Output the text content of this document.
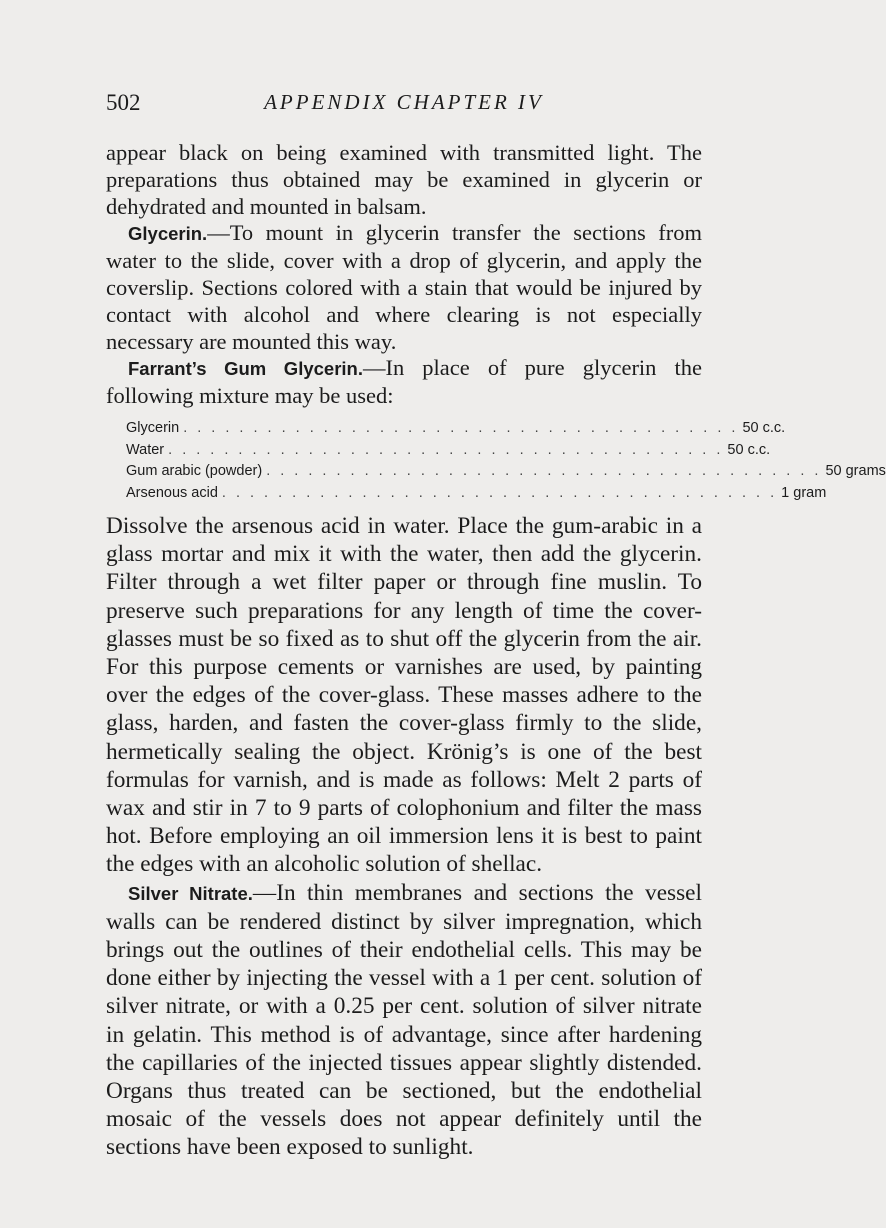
502	APPENDIX CHAPTER IV

appear black on being examined with transmitted light. The preparations thus obtained may be examined in glycerin or dehydrated and mounted in balsam.

Glycerin.—To mount in glycerin transfer the sections from water to the slide, cover with a drop of glycerin, and apply the coverslip. Sections colored with a stain that would be injured by contact with alcohol and where clearing is not especially necessary are mounted this way.

Farrant’s Gum Glycerin.—In place of pure glycerin the following mixture may be used:

Glycerin . . . . . . . . . . . . . . . . . . . . . . . . . . . . . . . . . . . . . . . . 50 c.c.
Water . . . . . . . . . . . . . . . . . . . . . . . . . . . . . . . . . . . . . . . . 50 c.c.
Gum arabic (powder) . . . . . . . . . . . . . . . . . . . . . . . . . . . . . . . . . . . . . . . . 50 grams
Arsenous acid . . . . . . . . . . . . . . . . . . . . . . . . . . . . . . . . . . . . . . . . 1 gram

Dissolve the arsenous acid in water. Place the gum-arabic in a glass mortar and mix it with the water, then add the glycerin. Filter through a wet filter paper or through fine muslin. To preserve such preparations for any length of time the cover-glasses must be so fixed as to shut off the glycerin from the air. For this purpose cements or varnishes are used, by painting over the edges of the cover-glass. These masses adhere to the glass, harden, and fasten the cover-glass firmly to the slide, hermetically sealing the object. Krönig’s is one of the best formulas for varnish, and is made as follows: Melt 2 parts of wax and stir in 7 to 9 parts of colophonium and filter the mass hot. Before employing an oil immersion lens it is best to paint the edges with an alcoholic solution of shellac.

Silver Nitrate.—In thin membranes and sections the vessel walls can be rendered distinct by silver impregnation, which brings out the outlines of their endothelial cells. This may be done either by injecting the vessel with a 1 per cent. solution of silver nitrate, or with a 0.25 per cent. solution of silver nitrate in gelatin. This method is of advantage, since after hardening the capillaries of the injected tissues appear slightly distended. Organs thus treated can be sectioned, but the endothelial mosaic of the vessels does not appear definitely until the sections have been exposed to sunlight.
